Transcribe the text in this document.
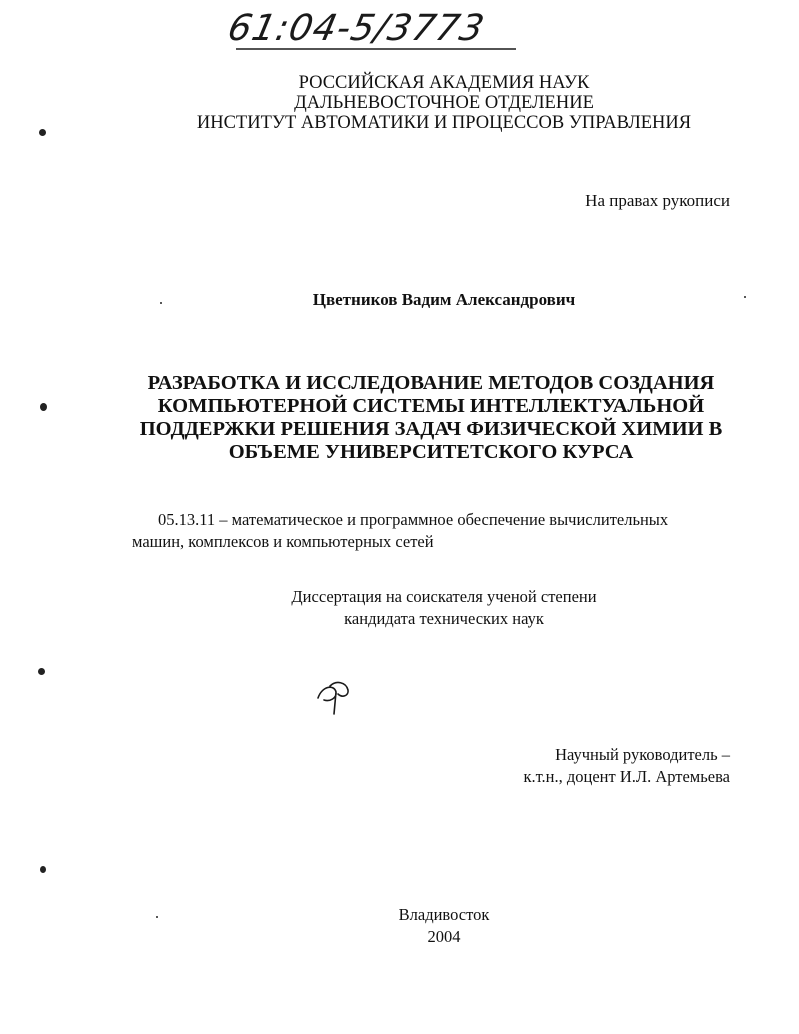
61:04-5/3773
РОССИЙСКАЯ АКАДЕМИЯ НАУК
ДАЛЬНЕВОСТОЧНОЕ ОТДЕЛЕНИЕ
ИНСТИТУТ АВТОМАТИКИ И ПРОЦЕССОВ УПРАВЛЕНИЯ
На правах рукописи
Цветников Вадим Александрович
РАЗРАБОТКА И ИССЛЕДОВАНИЕ МЕТОДОВ СОЗДАНИЯ
КОМПЬЮТЕРНОЙ СИСТЕМЫ ИНТЕЛЛЕКТУАЛЬНОЙ
ПОДДЕРЖКИ РЕШЕНИЯ ЗАДАЧ ФИЗИЧЕСКОЙ ХИМИИ В
ОБЪЕМЕ УНИВЕРСИТЕТСКОГО КУРСА
05.13.11 – математическое и программное обеспечение вычислительных
машин, комплексов и компьютерных сетей
Диссертация на соискателя ученой степени
кандидата технических наук
Научный руководитель –
к.т.н., доцент И.Л. Артемьева
Владивосток
2004
